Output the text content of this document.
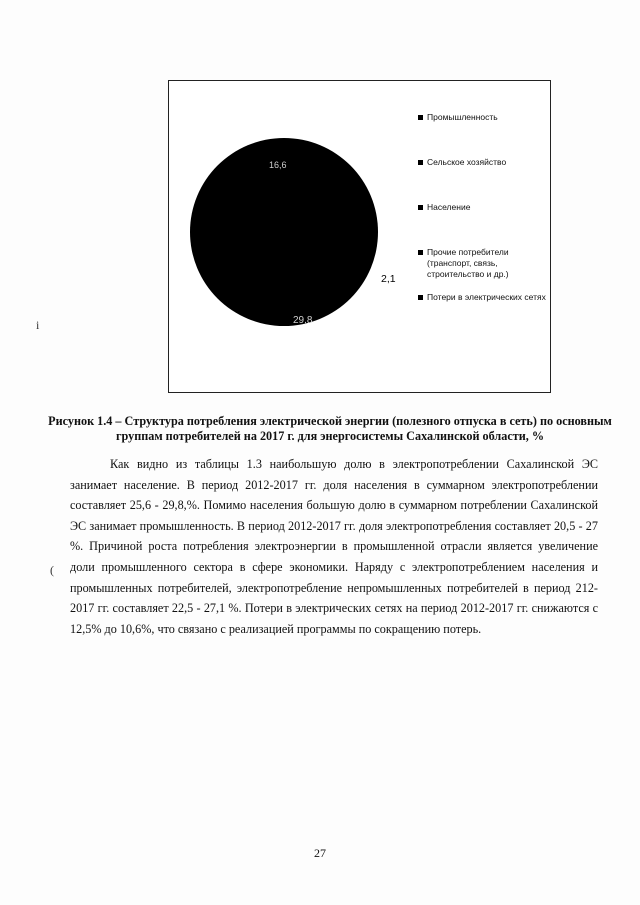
16,6
29,8
2,1
Промышленность
Сельское хозяйство
Население
Прочие потребители (транспорт, связь, строительство и др.)
Потери в электрических сетях
Рисунок 1.4 – Структура потребления электрической энергии (полезного отпуска в сеть) по основным группам потребителей на 2017 г. для энергосистемы Сахалинской области, %

Как видно из таблицы 1.3 наибольшую долю в электропотреблении Сахалинской ЭС занимает население. В период 2012-2017 гг. доля населения в суммарном электропотреблении составляет 25,6 - 29,8,%. Помимо населения большую долю в суммарном потреблении Сахалинской ЭС занимает промышленность. В период 2012-2017 гг. доля электропотребления составляет 20,5 - 27 %. Причиной роста потребления электроэнергии в промышленной отрасли является увеличение доли промышленного сектора в сфере экономики. Наряду с электропотреблением населения и промышленных потребителей, электропотребление непромышленных потребителей в период 212-2017 гг. составляет 22,5 - 27,1 %. Потери в электрических сетях на период 2012-2017 гг. снижаются с 12,5% до 10,6%, что связано с реализацией программы по сокращению потерь.

(
i
27
